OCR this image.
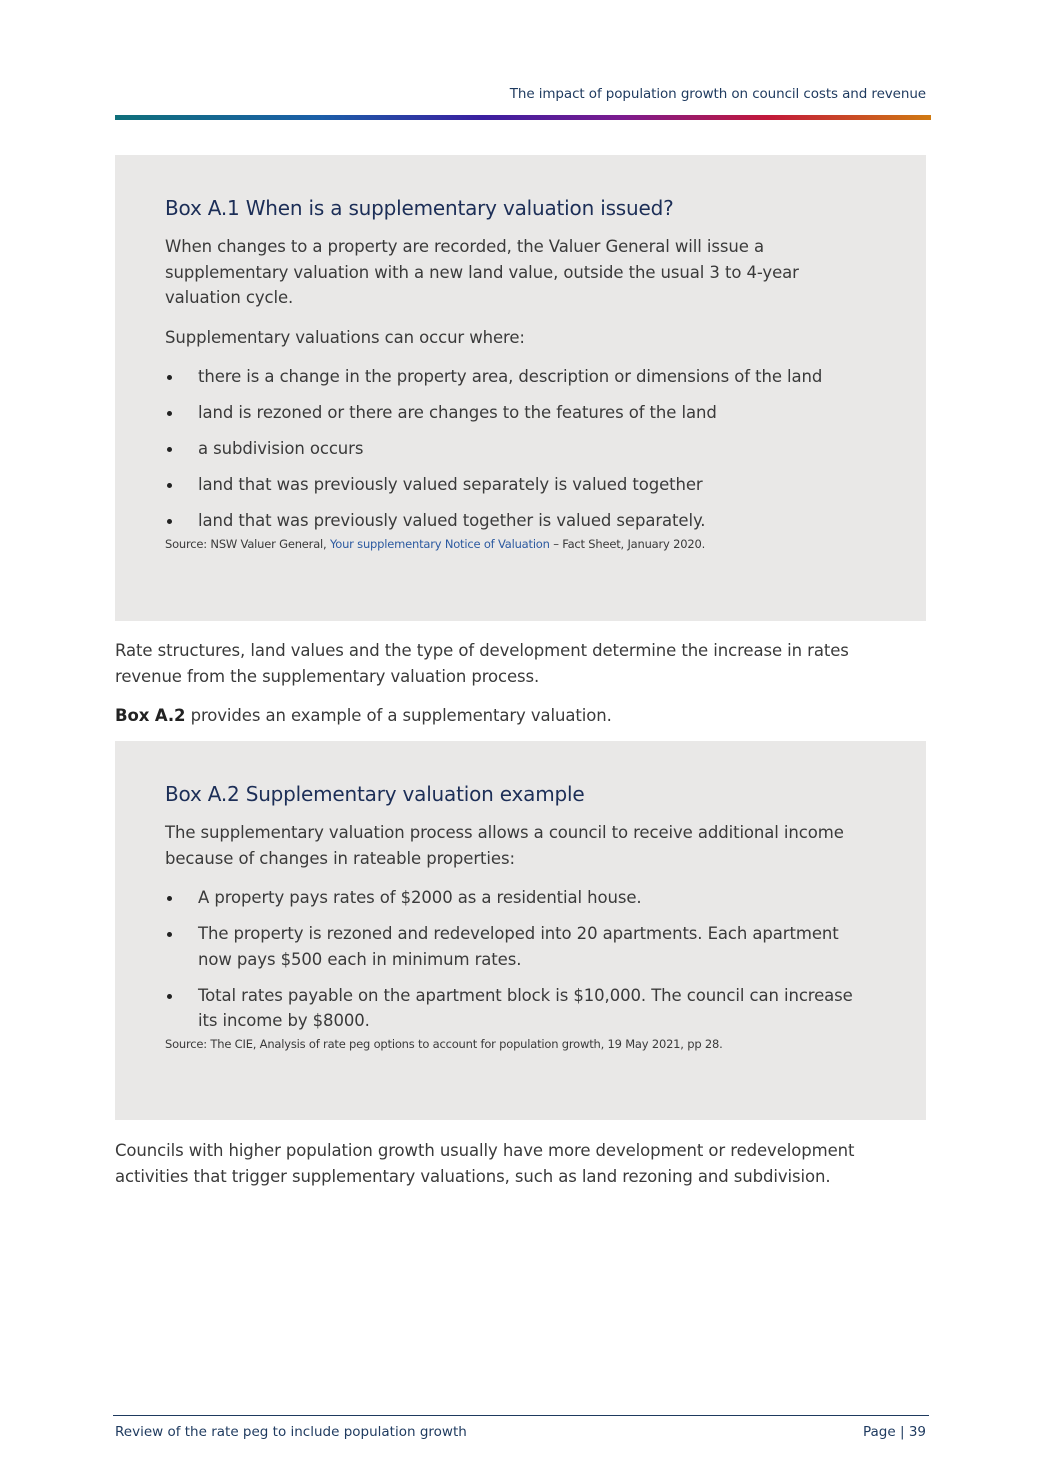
The impact of population growth on council costs and revenue
Box A.1 When is a supplementary valuation issued?

When changes to a property are recorded, the Valuer General will issue a supplementary valuation with a new land value, outside the usual 3 to 4-year valuation cycle.

Supplementary valuations can occur where:

there is a change in the property area, description or dimensions of the land
land is rezoned or there are changes to the features of the land
a subdivision occurs
land that was previously valued separately is valued together
land that was previously valued together is valued separately.
Source: NSW Valuer General, Your supplementary Notice of Valuation – Fact Sheet, January 2020.

Rate structures, land values and the type of development determine the increase in rates revenue from the supplementary valuation process.

Box A.2 provides an example of a supplementary valuation.

Box A.2 Supplementary valuation example

The supplementary valuation process allows a council to receive additional income because of changes in rateable properties:

A property pays rates of $2000 as a residential house.
The property is rezoned and redeveloped into 20 apartments. Each apartment now pays $500 each in minimum rates.
Total rates payable on the apartment block is $10,000. The council can increase its income by $8000.
Source: The CIE, Analysis of rate peg options to account for population growth, 19 May 2021, pp 28.

Councils with higher population growth usually have more development or redevelopment activities that trigger supplementary valuations, such as land rezoning and subdivision.

Review of the rate peg to include population growth	Page | 39
